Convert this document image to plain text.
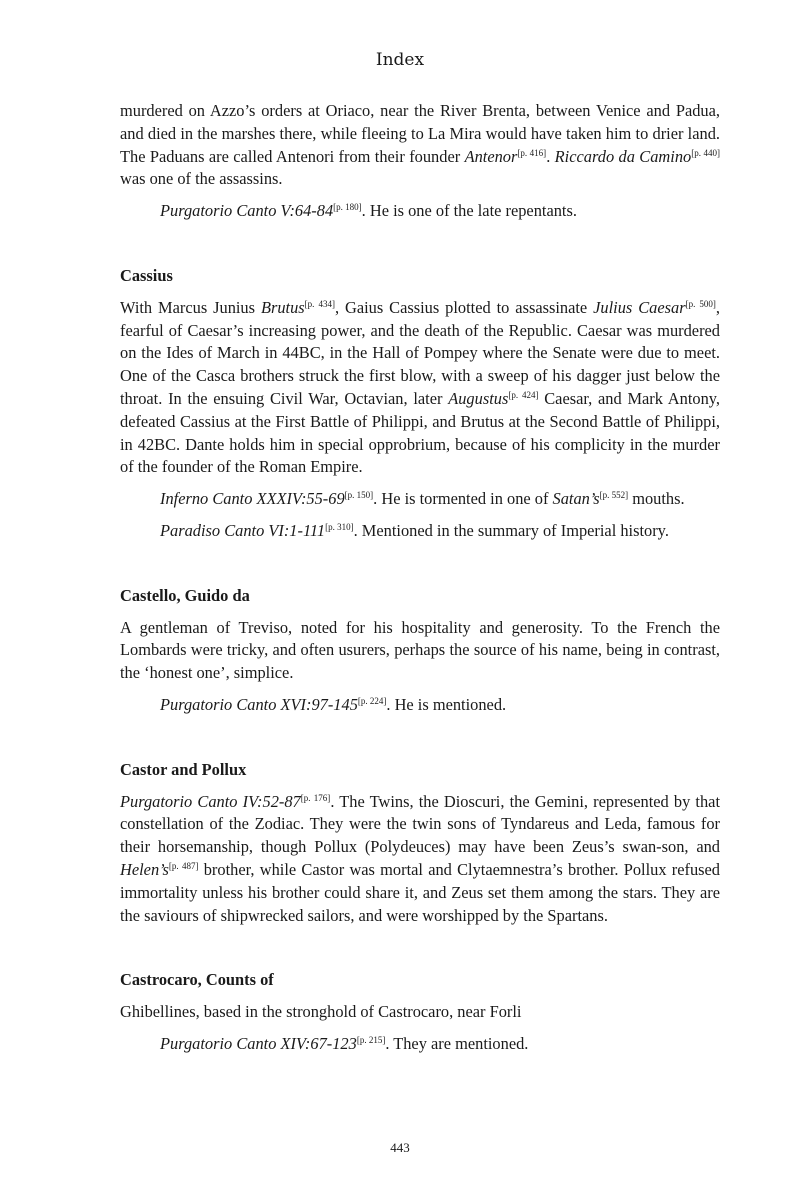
Index

murdered on Azzo’s orders at Oriaco, near the River Brenta, between Venice and Padua, and died in the marshes there, while fleeing to La Mira would have taken him to drier land. The Paduans are called Antenori from their founder Antenor[p. 416]. Riccardo da Camino[p. 440] was one of the assassins.

Purgatorio Canto V:64-84[p. 180]. He is one of the late repentants.

Cassius

With Marcus Junius Brutus[p. 434], Gaius Cassius plotted to assassinate Julius Caesar[p. 500], fearful of Caesar’s increasing power, and the death of the Republic. Caesar was murdered on the Ides of March in 44BC, in the Hall of Pompey where the Senate were due to meet. One of the Casca brothers struck the first blow, with a sweep of his dagger just below the throat. In the ensuing Civil War, Octavian, later Augustus[p. 424] Caesar, and Mark Antony, defeated Cassius at the First Battle of Philippi, and Brutus at the Second Battle of Philippi, in 42BC. Dante holds him in special opprobrium, because of his complicity in the murder of the founder of the Roman Empire.

Inferno Canto XXXIV:55-69[p. 150]. He is tormented in one of Satan’s[p. 552] mouths.

Paradiso Canto VI:1-111[p. 310]. Mentioned in the summary of Imperial history.

Castello, Guido da

A gentleman of Treviso, noted for his hospitality and generosity. To the French the Lombards were tricky, and often usurers, perhaps the source of his name, being in contrast, the ‘honest one’, simplice.

Purgatorio Canto XVI:97-145[p. 224]. He is mentioned.

Castor and Pollux

Purgatorio Canto IV:52-87[p. 176]. The Twins, the Dioscuri, the Gemini, represented by that constellation of the Zodiac. They were the twin sons of Tyndareus and Leda, famous for their horsemanship, though Pollux (Polydeuces) may have been Zeus’s swan-son, and Helen’s[p. 487] brother, while Castor was mortal and Clytaemnestra’s brother. Pollux refused immortality unless his brother could share it, and Zeus set them among the stars. They are the saviours of shipwrecked sailors, and were worshipped by the Spartans.

Castrocaro, Counts of

Ghibellines, based in the stronghold of Castrocaro, near Forli

Purgatorio Canto XIV:67-123[p. 215]. They are mentioned.

443
